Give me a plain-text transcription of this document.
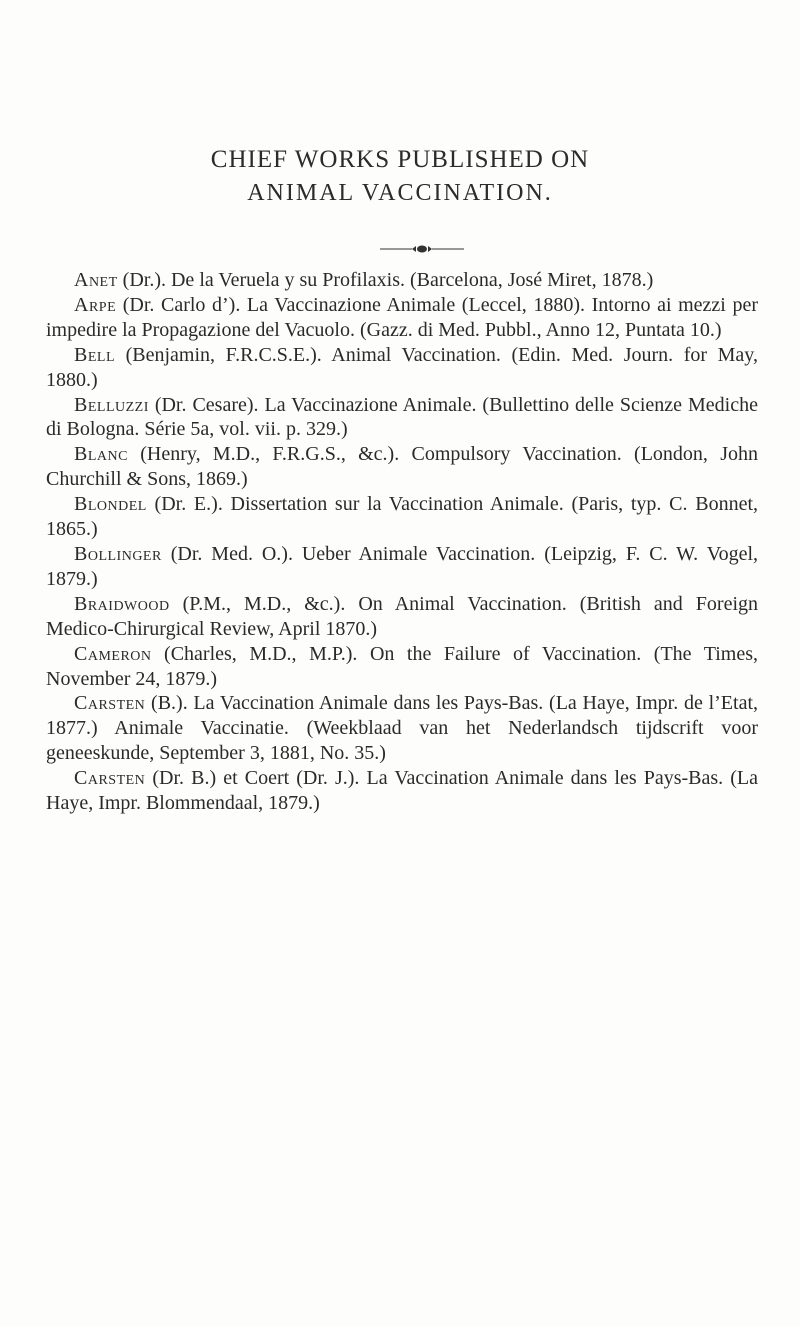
CHIEF WORKS PUBLISHED ON
ANIMAL VACCINATION.

Anet (Dr.). De la Veruela y su Profilaxis. (Barcelona, José Miret, 1878.)

Arpe (Dr. Carlo d’). La Vaccinazione Animale (Leccel, 1880). Intorno ai mezzi per impedire la Propagazione del Vacuolo. (Gazz. di Med. Pubbl., Anno 12, Puntata 10.)

Bell (Benjamin, F.R.C.S.E.). Animal Vaccination. (Edin. Med. Journ. for May, 1880.)

Belluzzi (Dr. Cesare). La Vaccinazione Animale. (Bullettino delle Scienze Mediche di Bologna. Série 5a, vol. vii. p. 329.)

Blanc (Henry, M.D., F.R.G.S., &c.). Compulsory Vaccination. (London, John Churchill & Sons, 1869.)

Blondel (Dr. E.). Dissertation sur la Vaccination Animale. (Paris, typ. C. Bonnet, 1865.)

Bollinger (Dr. Med. O.). Ueber Animale Vaccination. (Leipzig, F. C. W. Vogel, 1879.)

Braidwood (P.M., M.D., &c.). On Animal Vaccination. (British and Foreign Medico-Chirurgical Review, April 1870.)

Cameron (Charles, M.D., M.P.). On the Failure of Vaccination. (The Times, November 24, 1879.)

Carsten (B.). La Vaccination Animale dans les Pays-Bas. (La Haye, Impr. de l’Etat, 1877.) Animale Vaccinatie. (Weekblaad van het Nederlandsch tijdscrift voor geneeskunde, September 3, 1881, No. 35.)

Carsten (Dr. B.) et Coert (Dr. J.). La Vaccination Animale dans les Pays-Bas. (La Haye, Impr. Blommendaal, 1879.)
